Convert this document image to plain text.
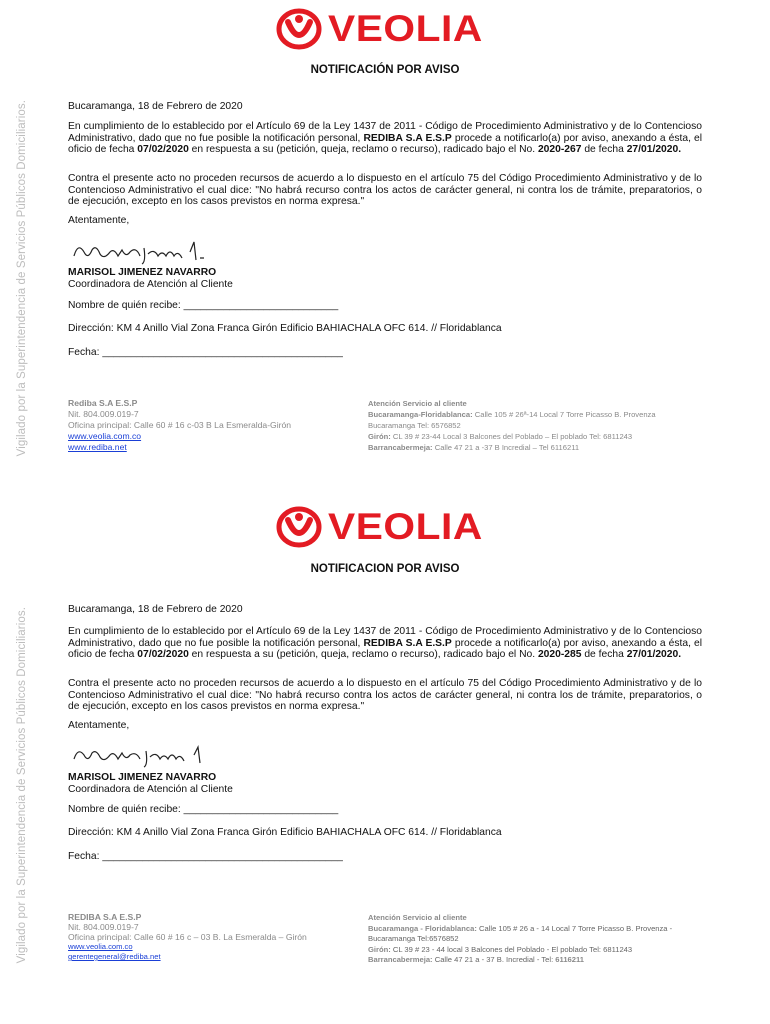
Vigilado por la Superintendencia de Servicios Públicos Domiciliarios.
VEOLIA
NOTIFICACIÓN POR AVISO
Bucaramanga, 18 de Febrero de 2020
En cumplimiento de lo establecido por el Artículo 69 de la Ley 1437 de 2011 - Código de Procedimiento Administrativo y de lo Contencioso Administrativo, dado que no fue posible la notificación personal, REDIBA S.A E.S.P procede a notificarlo(a) por aviso, anexando a ésta, el oficio de fecha 07/02/2020 en respuesta a su (petición, queja, reclamo o recurso), radicado bajo el No. 2020-267 de fecha 27/01/2020.
Contra el presente acto no proceden recursos de acuerdo a lo dispuesto en el artículo 75 del Código Procedimiento Administrativo y de lo Contencioso Administrativo el cual dice: "No habrá recurso contra los actos de carácter general, ni contra los de trámite, preparatorios, o de ejecución, excepto en los casos previstos en norma expresa."
Atentamente,
MARISOL JIMENEZ NAVARRO
Coordinadora de Atención al Cliente
Nombre de quién recibe: ___________________________
Dirección: KM 4 Anillo Vial Zona Franca Girón Edificio BAHIACHALA OFC 614. // Floridablanca
Fecha: __________________________________________
Rediba S.A E.S.P
Nit. 804.009.019-7
Oficina principal: Calle 60 # 16 c-03 B La Esmeralda-Girón
www.veolia.com.co
www.rediba.net
Atención Servicio al cliente
Bucaramanga-Floridablanca: Calle 105 # 26ª-14 Local 7 Torre Picasso B. Provenza
Bucaramanga Tel: 6576852
Girón: CL 39 # 23-44 Local 3 Balcones del Poblado – El poblado Tel: 6811243
Barrancabermeja: Calle 47 21 a -37 B Incredial – Tel 6116211
Vigilado por la Superintendencia de Servicios Públicos Domiciliarios.
VEOLIA
NOTIFICACION POR AVISO
Bucaramanga, 18 de Febrero de 2020
En cumplimiento de lo establecido por el Artículo 69 de la Ley 1437 de 2011 - Código de Procedimiento Administrativo y de lo Contencioso Administrativo, dado que no fue posible la notificación personal, REDIBA S.A E.S.P procede a notificarlo(a) por aviso, anexando a ésta, el oficio de fecha 07/02/2020 en respuesta a su (petición, queja, reclamo o recurso), radicado bajo el No. 2020-285 de fecha 27/01/2020.
Contra el presente acto no proceden recursos de acuerdo a lo dispuesto en el artículo 75 del Código Procedimiento Administrativo y de lo Contencioso Administrativo el cual dice: "No habrá recurso contra los actos de carácter general, ni contra los de trámite, preparatorios, o de ejecución, excepto en los casos previstos en norma expresa."
Atentamente,
MARISOL JIMENEZ NAVARRO
Coordinadora de Atención al Cliente
Nombre de quién recibe: ___________________________
Dirección: KM 4 Anillo Vial Zona Franca Girón Edificio BAHIACHALA OFC 614. // Floridablanca
Fecha: __________________________________________
REDIBA S.A E.S.P
Nit. 804.009.019-7
Oficina principal: Calle 60 # 16 c – 03 B. La Esmeralda – Girón
www.veolia.com.co
gerentegeneral@rediba.net
Atención Servicio al cliente
Bucaramanga - Floridablanca: Calle 105 # 26 a - 14 Local 7 Torre Picasso B. Provenza -
Bucaramanga Tel:6576852
Girón: CL 39 # 23 - 44 local 3 Balcones del Poblado - El poblado Tel: 6811243
Barrancabermeja: Calle 47 21 a - 37 B. Incredial - Tel: 6116211
